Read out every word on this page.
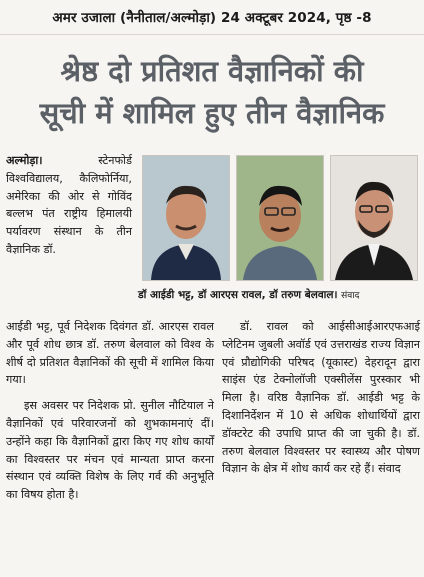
अमर उजाला (नैनीताल/अल्मोड़ा) 24 अक्टूबर 2024, पृष्ठ -8
श्रेष्ठ दो प्रतिशत वैज्ञानिकों की
सूची में शामिल हुए तीन वैज्ञानिक

अल्मोड़ा।	स्टेनफोर्ड विश्वविद्यालय, कैलिफोर्निया, अमेरिका की ओर से गोविंद बल्लभ पंत राष्ट्रीय हिमालयी पर्यावरण संस्थान के तीन वैज्ञानिक डॉ.

डॉ आईडी भट्ट, डॉ आरएस रावल, डॉ तरुण बेलवाल। संवाद

आईडी भट्ट, पूर्व निदेशक दिवंगत डॉ. आरएस रावल और पूर्व शोध छात्र डॉ. तरुण बेलवाल को विश्व के शीर्ष दो प्रतिशत वैज्ञानिकों की सूची में शामिल किया गया।

इस अवसर पर निदेशक प्रो. सुनील नौटियाल ने वैज्ञानिकों एवं परिवारजनों को शुभकामनाएं दीं। उन्होंने कहा कि वैज्ञानिकों द्वारा किए गए शोध कार्यों का विश्वस्तर पर मंचन एवं मान्यता प्राप्त करना संस्थान एवं व्यक्ति विशेष के लिए गर्व की अनुभूति का विषय होता है।

डॉ. रावल को आईसीआईआरएफआई प्लेटिनम जुबली अवॉर्ड एवं उत्तराखंड राज्य विज्ञान एवं प्रौद्योगिकी परिषद (यूकास्ट) देहरादून द्वारा साइंस एंड टेक्नोलॉजी एक्सीलेंस पुरस्कार भी मिला है। वरिष्ठ वैज्ञानिक डॉ. आईडी भट्ट के दिशानिर्देशन में 10 से अधिक शोधार्थियों द्वारा डॉक्टरेट की उपाधि प्राप्त की जा चुकी है। डॉ. तरुण बेलवाल विश्वस्तर पर स्वास्थ्य और पोषण विज्ञान के क्षेत्र में शोध कार्य कर रहे हैं। संवाद
